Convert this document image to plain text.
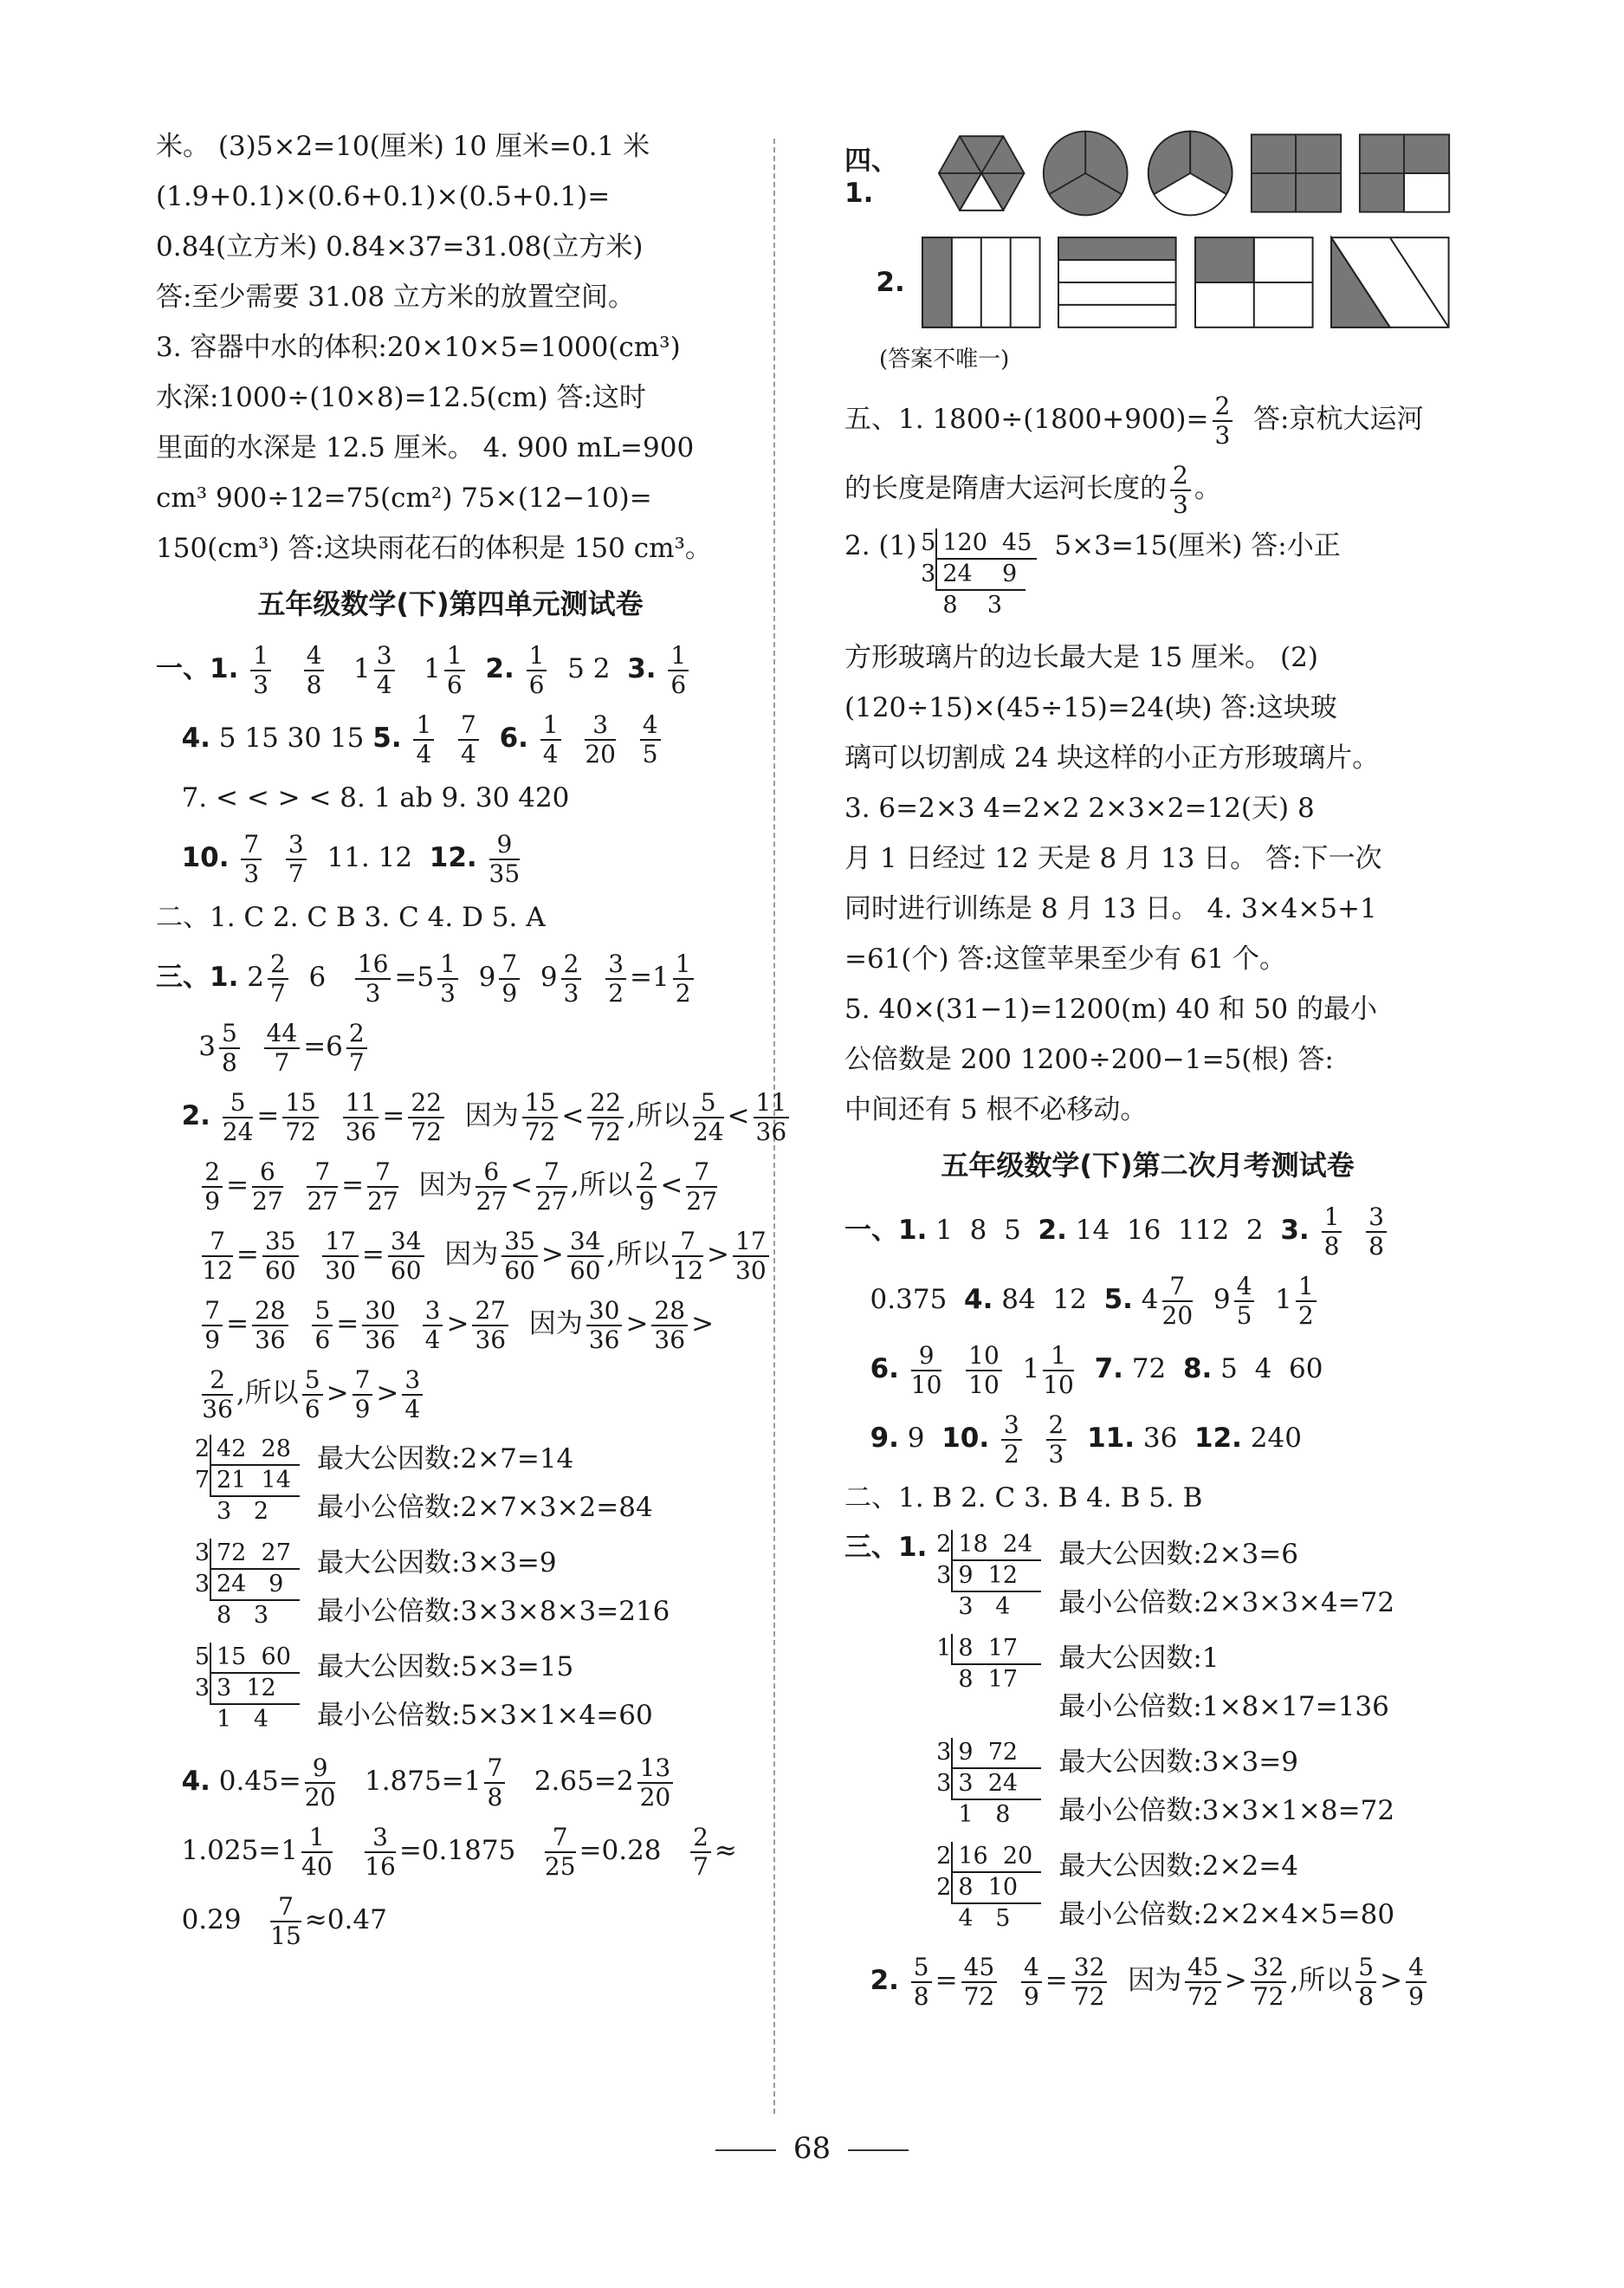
米。 (3)5×2=10(厘米) 10 厘米=0.1 米
(1.9+0.1)×(0.6+0.1)×(0.5+0.1)=
0.84(立方米) 0.84×37=31.08(立方米)
答:至少需要 31.08 立方米的放置空间。
3. 容器中水的体积:20×10×5=1000(cm³)
水深:1000÷(10×8)=12.5(cm) 答:这时
里面的水深是 12.5 厘米。 4. 900 mL=900
cm³ 900÷12=75(cm²) 75×(12−10)=
150(cm³) 答:这块雨花石的体积是 150 cm³。
五年级数学(下)第四单元测试卷
一、1. $\frac{1}{3}$
$\frac{4}{8} 1 \frac{3}{4} 1 \frac{1}{6} 2$. $\frac{1}{6} 5$ 2 3. $\frac{1}{6}$
4. 5 15 30 15 5. $\frac{1}{4}$
$\frac{7}{4} 6$. $\frac{1}{4}$
$\frac{3}{20}$
$\frac{4}{5}$
7. < < > < 8. 1 ab 9. 30 420
10. $\frac{7}{3}$
$\frac{3}{7} 11$. 12 12. $\frac{9}{35}$
二、1. C 2. C B 3. C 4. D 5. A
三、1. $2 \frac{2}{7} 6 \frac{16}{3} =5 \frac{1}{3} 9 \frac{7}{9} 9 \frac{2}{3}$
$\frac{3}{2} =1 \frac{1}{2}$
$3 \frac{5}{8}$
$\frac{44}{7} =6 \frac{2}{7}$
2. $\frac{5}{24} = \frac{15}{72}$
$\frac{11}{36} = \frac{22}{72}$ 因为 $\frac{15}{72} < \frac{22}{72}$ ,所以 $\frac{5}{24} < \frac{11}{36}$

$\frac{2}{9} = \frac{6}{27}$
$\frac{7}{27} = \frac{7}{27}$ 因为 $\frac{6}{27} < \frac{7}{27}$ ,所以 $\frac{2}{9} < \frac{7}{27}$

$\frac{7}{12} = \frac{35}{60}$
$\frac{17}{30} = \frac{34}{60}$ 因为 $\frac{35}{60} > \frac{34}{60}$ ,所以 $\frac{7}{12} > \frac{17}{30}$

$\frac{7}{9} = \frac{28}{36}$
$\frac{5}{6} = \frac{30}{36}$
$\frac{3}{4} > \frac{27}{36}$ 因为 $\frac{30}{36} > \frac{28}{36}$ >

$\frac{2}{36}$ ,所以 $\frac{5}{6} > \frac{7}{9} > \frac{3}{4}$
2 42  28
7 21  14
3   2
最大公因数:2×7=14
最小公倍数:2×7×3×2=84
3 72  27
3 24   9
8   3
最大公因数:3×3=9
最小公倍数:3×3×8×3=216
5 15  60
3 3  12
1   4
最大公因数:5×3=15
最小公倍数:5×3×1×4=60
4. $0.45= \frac{9}{20} 1.875=1 \frac{7}{8} 2.65=2 \frac{13}{20}$
$1.025=1 \frac{1}{40}$
$\frac{3}{16} =0.1875 \frac{7}{25} =0.28 \frac{2}{7}$ ≈
$0.29 \frac{7}{15} \approx 0.47$
四、1.
2.
(答案不唯一)
五、1. $1800\div(1800+900)= \frac{2}{3}$ 答:京杭大运河
的长度是隋唐大运河长度的 $\frac{2}{3}$ 。
2. (1) 5 120  45
3 24    9
8    3
5×3=15(厘米) 答:小正
方形玻璃片的边长最大是 15 厘米。 (2)
(120÷15)×(45÷15)=24(块) 答:这块玻
璃可以切割成 24 块这样的小正方形玻璃片。
3. 6=2×3 4=2×2 2×3×2=12(天) 8
月 1 日经过 12 天是 8 月 13 日。 答:下一次
同时进行训练是 8 月 13 日。 4. 3×4×5+1
=61(个) 答:这筐苹果至少有 61 个。
5. 40×(31−1)=1200(m) 40 和 50 的最小
公倍数是 200 1200÷200−1=5(根) 答:
中间还有 5 根不必移动。
五年级数学(下)第二次月考测试卷
一、1. 1  8  5  2. 14  16  112  2  3. $\frac{1}{8}$
$\frac{3}{8}$
0.375  4. 84  12  5. $4 \frac{7}{20} 9 \frac{4}{5} 1 \frac{1}{2}$
6. $\frac{9}{10}$
$\frac{10}{10} 1 \frac{1}{10} 7$. 72  8. 5  4  60
9. 9  10. $\frac{3}{2}$
$\frac{2}{3} 11$. 36  12. 240
二、1. B 2. C 3. B 4. B 5. B
三、1. 2 18  24
3 9  12
3   4
最大公因数:2×3=6
最小公倍数:2×3×3×4=72
1 8  17
8  17
最大公因数:1
最小公倍数:1×8×17=136
3 9  72
3 3  24
1   8
最大公因数:3×3=9
最小公倍数:3×3×1×8=72
2 16  20
2 8  10
4   5
最大公因数:2×2=4
最小公倍数:2×2×4×5=80
2. $\frac{5}{8} = \frac{45}{72}$
$\frac{4}{9} = \frac{32}{72}$ 因为 $\frac{45}{72} > \frac{32}{72}$ ,所以 $\frac{5}{8} > \frac{4}{9}$
68
